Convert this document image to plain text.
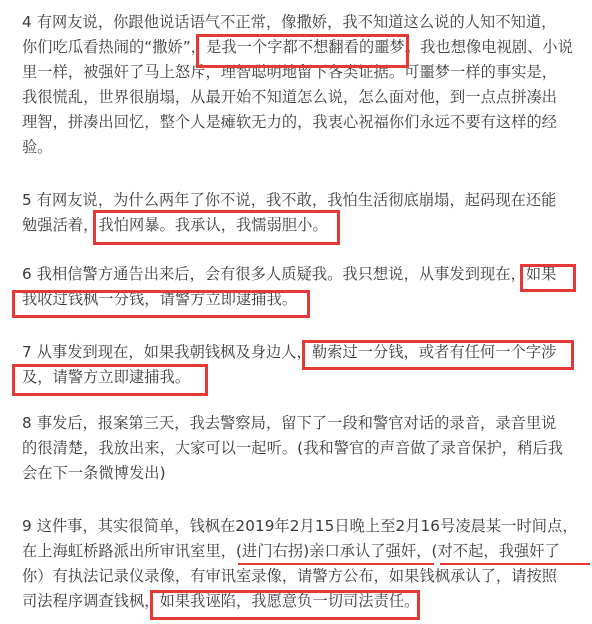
4 有网友说，你跟他说话语气不正常，像撒娇，我不知道这么说的人知不知道，
你们吃瓜看热闹的“撒娇”，是我一个字都不想翻看的噩梦。我也想像电视剧、小说
里一样，被强奸了马上怒斥，理智聪明地留下各类证据。可噩梦一样的事实是，
我很慌乱，世界很崩塌，从最开始不知道怎么说，怎么面对他，到一点点拼凑出
理智，拼凑出回忆，整个人是瘫软无力的，我衷心祝福你们永远不要有这样的经
验。
5 有网友说，为什么两年了你不说，我不敢，我怕生活彻底崩塌，起码现在还能
勉强活着，我怕网暴。我承认，我懦弱胆小。
6 我相信警方通告出来后，会有很多人质疑我。我只想说，从事发到现在，如果
我收过钱枫一分钱，请警方立即逮捕我。
7 从事发到现在，如果我朝钱枫及身边人，勒索过一分钱，或者有任何一个字涉
及，请警方立即逮捕我。
8 事发后，报案第三天，我去警察局，留下了一段和警官对话的录音，录音里说
的很清楚，我放出来，大家可以一起听。(我和警官的声音做了录音保护，稍后我
会在下一条微博发出)
9 这件事，其实很简单，钱枫在2019年2月15日晚上至2月16号凌晨某一时间点，
在上海虹桥路派出所审讯室里，(进门右拐)亲口承认了强奸，(对不起，我强奸了
你）有执法记录仪录像，有审讯室录像，请警方公布，如果钱枫承认了，请按照
司法程序调查钱枫，如果我诬陷，我愿意负一切司法责任。
